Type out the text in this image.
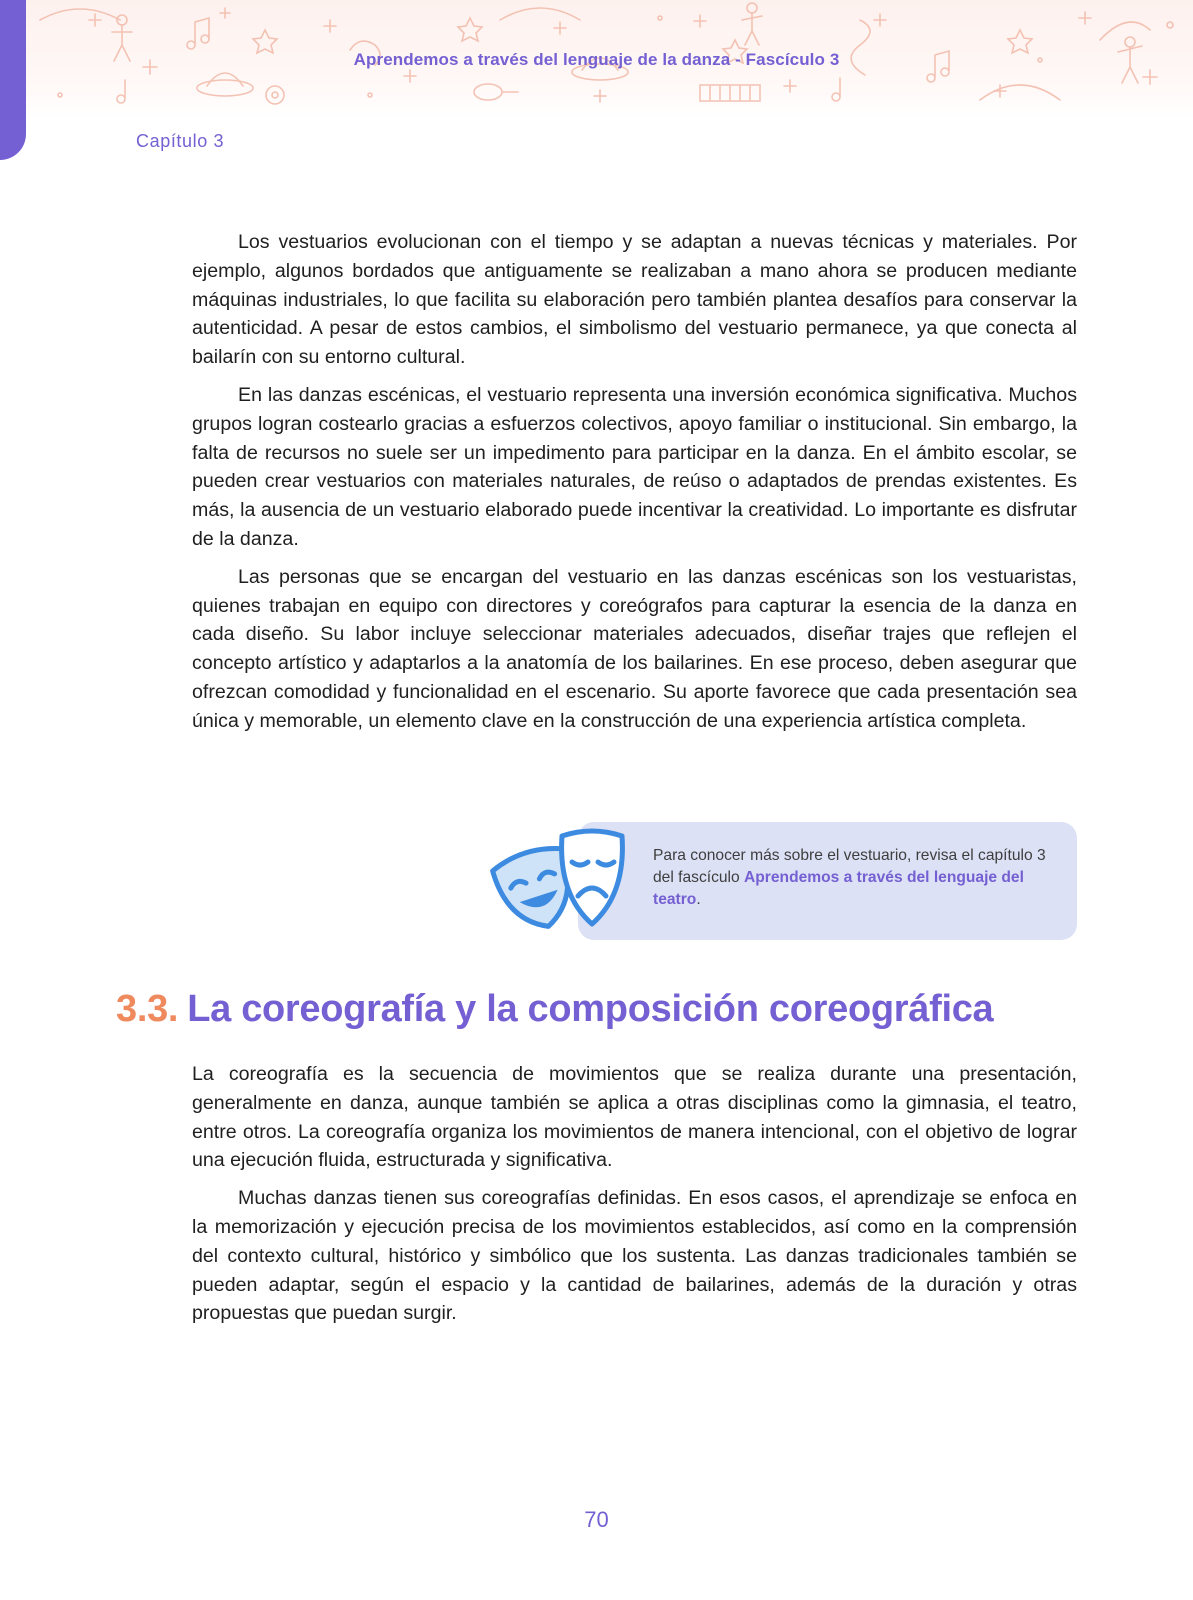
Aprendemos a través del lenguaje de la danza - Fascículo 3
Capítulo 3

Los vestuarios evolucionan con el tiempo y se adaptan a nuevas técnicas y materiales. Por ejemplo, algunos bordados que antiguamente se realizaban a mano ahora se producen mediante máquinas industriales, lo que facilita su elaboración pero también plantea desafíos para conservar la autenticidad. A pesar de estos cambios, el simbolismo del vestuario permanece, ya que conecta al bailarín con su entorno cultural.

En las danzas escénicas, el vestuario representa una inversión económica significativa. Muchos grupos logran costearlo gracias a esfuerzos colectivos, apoyo familiar o institucional. Sin embargo, la falta de recursos no suele ser un impedimento para participar en la danza. En el ámbito escolar, se pueden crear vestuarios con materiales naturales, de reúso o adaptados de prendas existentes. Es más, la ausencia de un vestuario elaborado puede incentivar la creatividad. Lo importante es disfrutar de la danza.

Las personas que se encargan del vestuario en las danzas escénicas son los vestuaristas, quienes trabajan en equipo con directores y coreógrafos para capturar la esencia de la danza en cada diseño. Su labor incluye seleccionar materiales adecuados, diseñar trajes que reflejen el concepto artístico y adaptarlos a la anatomía de los bailarines. En ese proceso, deben asegurar que ofrezcan comodidad y funcionalidad en el escenario. Su aporte favorece que cada presentación sea única y memorable, un elemento clave en la construcción de una experiencia artística completa.

Para conocer más sobre el vestuario, revisa el capítulo 3 del fascículo Aprendemos a través del lenguaje del teatro.
3.3. La coreografía y la composición coreográfica

La coreografía es la secuencia de movimientos que se realiza durante una presentación, generalmente en danza, aunque también se aplica a otras disciplinas como la gimnasia, el teatro, entre otros. La coreografía organiza los movimientos de manera intencional, con el objetivo de lograr una ejecución fluida, estructurada y significativa.

Muchas danzas tienen sus coreografías definidas. En esos casos, el aprendizaje se enfoca en la memorización y ejecución precisa de los movimientos establecidos, así como en la comprensión del contexto cultural, histórico y simbólico que los sustenta. Las danzas tradicionales también se pueden adaptar, según el espacio y la cantidad de bailarines, además de la duración y otras propuestas que puedan surgir.

70
